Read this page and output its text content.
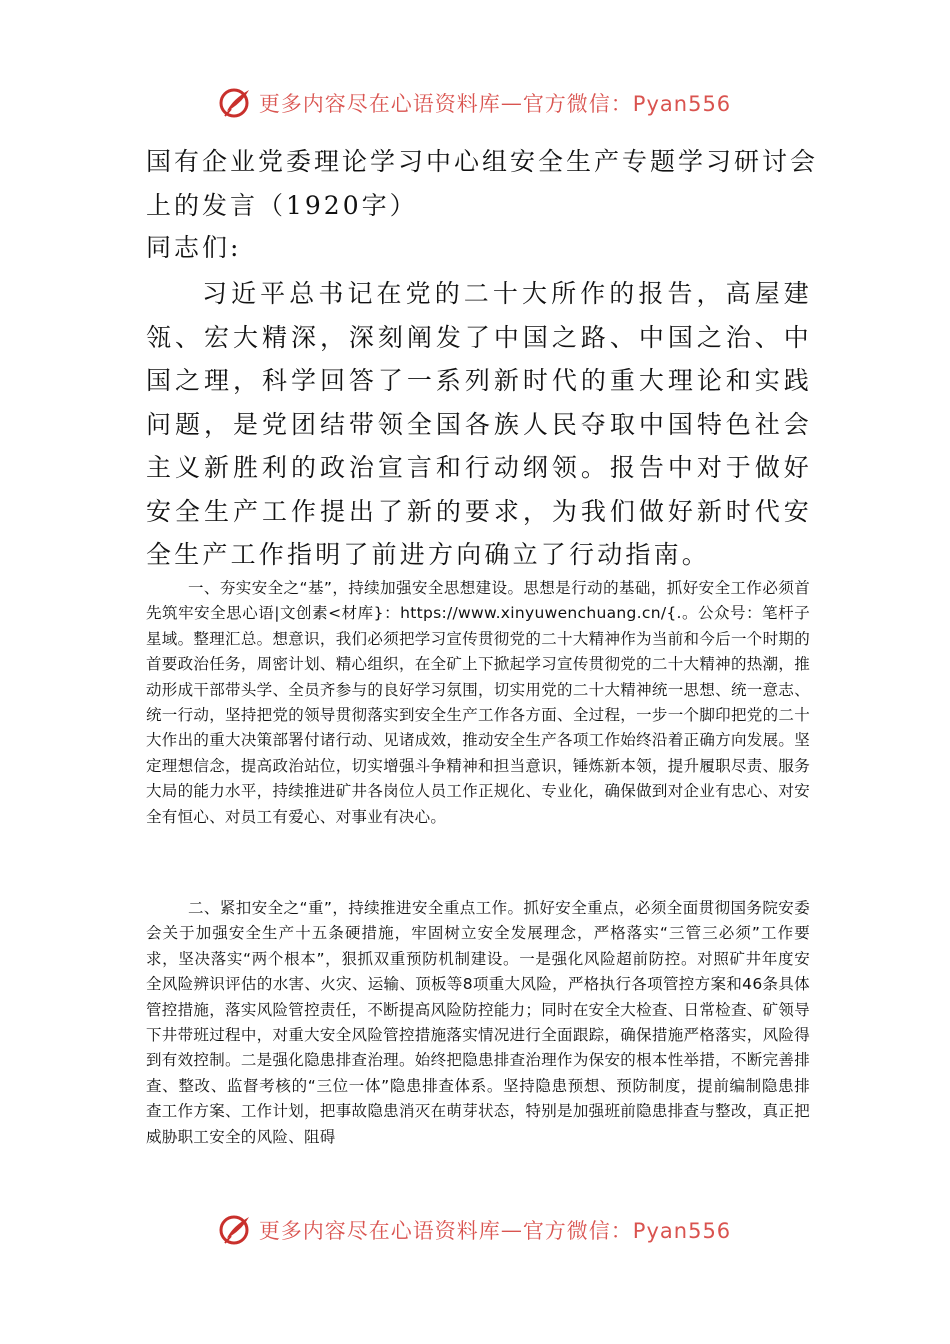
更多内容尽在心语资料库 — 官方微信：Pyan556

国有企业党委理论学习中心组安全生产专题学习研讨会上的发言（1920字）

同志们:

习近平总书记在党的二十大所作的报告，高屋建瓴、宏大精深，深刻阐发了中国之路、中国之治、中国之理，科学回答了一系列新时代的重大理论和实践问题，是党团结带领全国各族人民夺取中国特色社会主义新胜利的政治宣言和行动纲领。报告中对于做好安全生产工作提出了新的要求，为我们做好新时代安全生产工作指明了前进方向确立了行动指南。

一、夯实安全之“基”，持续加强安全思想建设。思想是行动的基础，抓好安全工作必须首先筑牢安全思心语|文创素<材库}：https://www.xinyuwenchuang.cn/{.。公众号：笔杆子星域。整理汇总。想意识，我们必须把学习宣传贯彻党的二十大精神作为当前和今后一个时期的首要政治任务，周密计划、精心组织，在全矿上下掀起学习宣传贯彻党的二十大精神的热潮，推动形成干部带头学、全员齐参与的良好学习氛围，切实用党的二十大精神统一思想、统一意志、统一行动，坚持把党的领导贯彻落实到安全生产工作各方面、全过程，一步一个脚印把党的二十大作出的重大决策部署付诸行动、见诸成效，推动安全生产各项工作始终沿着正确方向发展。坚定理想信念，提高政治站位，切实增强斗争精神和担当意识，锤炼新本领，提升履职尽责、服务大局的能力水平，持续推进矿井各岗位人员工作正规化、专业化，确保做到对企业有忠心、对安全有恒心、对员工有爱心、对事业有决心。

二、紧扣安全之“重”，持续推进安全重点工作。抓好安全重点，必须全面贯彻国务院安委会关于加强安全生产十五条硬措施，牢固树立安全发展理念，严格落实“三管三必须”工作要求，坚决落实“两个根本”，狠抓双重预防机制建设。一是强化风险超前防控。对照矿井年度安全风险辨识评估的水害、火灾、运输、顶板等8项重大风险，严格执行各项管控方案和46条具体管控措施，落实风险管控责任，不断提高风险防控能力；同时在安全大检查、日常检查、矿领导下井带班过程中，对重大安全风险管控措施落实情况进行全面跟踪，确保措施严格落实，风险得到有效控制。二是强化隐患排查治理。始终把隐患排查治理作为保安的根本性举措，不断完善排查、整改、监督考核的“三位一体”隐患排查体系。坚持隐患预想、预防制度，提前编制隐患排查工作方案、工作计划，把事故隐患消灭在萌芽状态，特别是加强班前隐患排查与整改，真正把威胁职工安全的风险、阻碍

更多内容尽在心语资料库 — 官方微信：Pyan556
